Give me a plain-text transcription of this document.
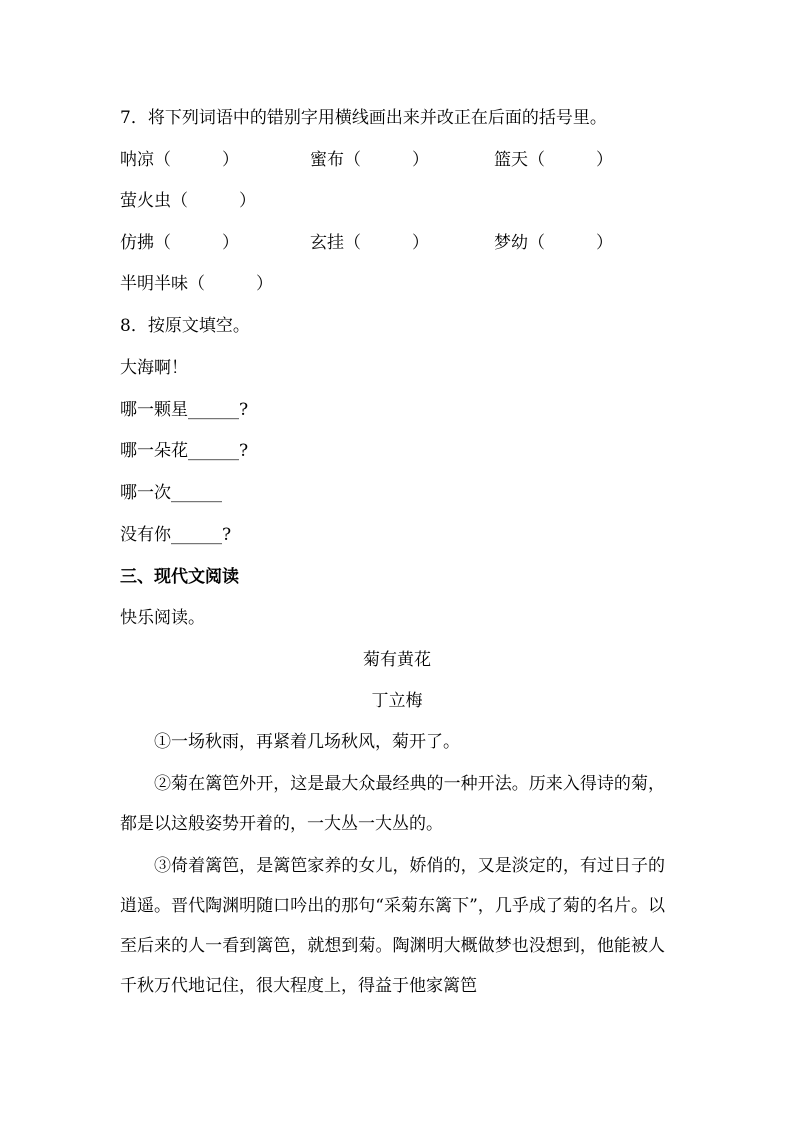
7．将下列词语中的错别字用横线画出来并改正在后面的括号里。
呐凉（　　　）	蜜布（　　　）	篮天（　　　）
萤火虫（　　　）
仿拂（　　　）	玄挂（　　　）	梦幼（　　　）
半明半味（　　　）
8．按原文填空。
大海啊！
哪一颗星______?
哪一朵花______?
哪一次______
没有你______?
三、现代文阅读
快乐阅读。
菊有黄花
丁立梅
①一场秋雨，再紧着几场秋风，菊开了。
②菊在篱笆外开，这是最大众最经典的一种开法。历来入得诗的菊，都是以这般姿势开着的，一大丛一大丛的。
③倚着篱笆，是篱笆家养的女儿，娇俏的，又是淡定的，有过日子的逍遥。晋代陶渊明随口吟出的那句“采菊东篱下”，几乎成了菊的名片。以至后来的人一看到篱笆，就想到菊。陶渊明大概做梦也没想到，他能被人千秋万代地记住，很大程度上，得益于他家篱笆
